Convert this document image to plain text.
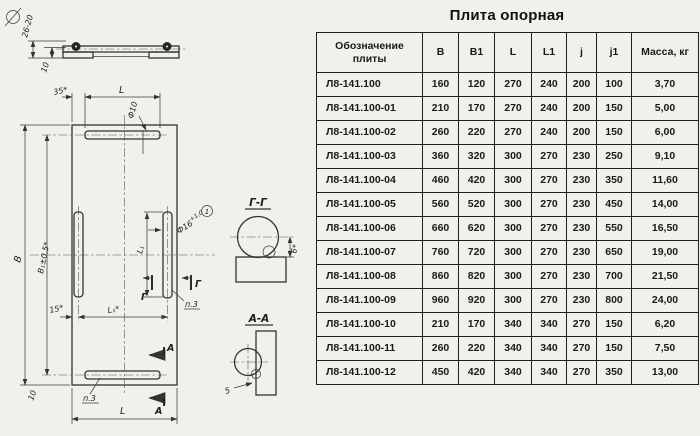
26-20
10
35*	L
Ф10
В В₁±0,5*
10
15*	L₁*
L
L₁
$Ф16^{+1,0}$ 1
Г
Г
А
А
п.3
п.3
Г-Г
6*
А-А
5
Плита опорная
Обозначение плиты	В	В1	L	L1	j	j1	Масса, кг
Л8-141.100	160	120	270	240	200	100	3,70
Л8-141.100-01	210	170	270	240	200	150	5,00
Л8-141.100-02	260	220	270	240	200	150	6,00
Л8-141.100-03	360	320	300	270	230	250	9,10
Л8-141.100-04	460	420	300	270	230	350	11,60
Л8-141.100-05	560	520	300	270	230	450	14,00
Л8-141.100-06	660	620	300	270	230	550	16,50
Л8-141.100-07	760	720	300	270	230	650	19,00
Л8-141.100-08	860	820	300	270	230	700	21,50
Л8-141.100-09	960	920	300	270	230	800	24,00
Л8-141.100-10	210	170	340	340	270	150	6,20
Л8-141.100-11	260	220	340	340	270	150	7,50
Л8-141.100-12	450	420	340	340	270	350	13,00
